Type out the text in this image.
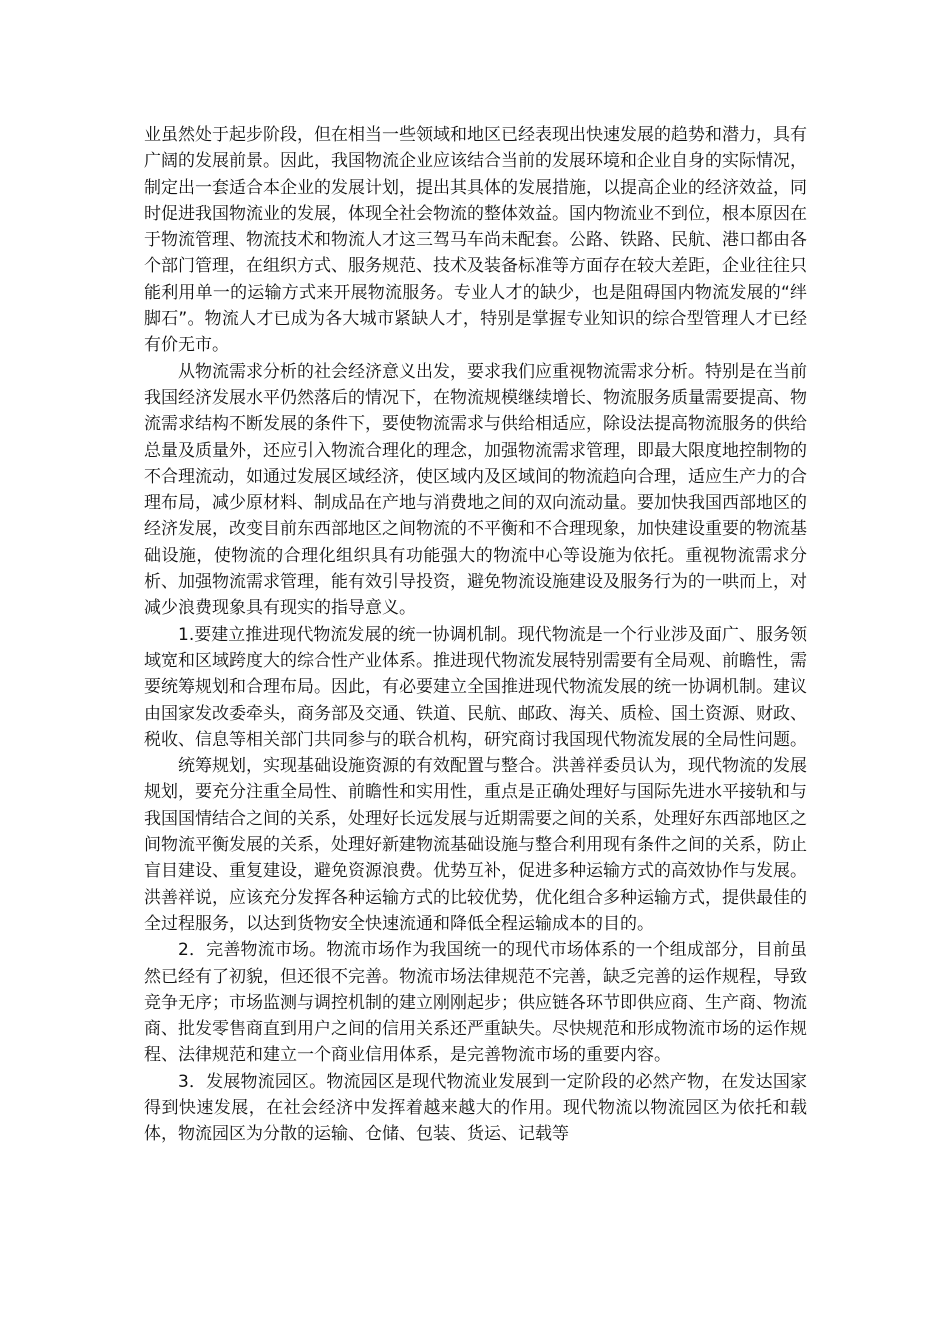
业虽然处于起步阶段，但在相当一些领域和地区已经表现出快速发展的趋势和潜力，具有广阔的发展前景。因此，我国物流企业应该结合当前的发展环境和企业自身的实际情况，制定出一套适合本企业的发展计划，提出其具体的发展措施，以提高企业的经济效益，同时促进我国物流业的发展，体现全社会物流的整体效益。国内物流业不到位，根本原因在于物流管理、物流技术和物流人才这三驾马车尚未配套。公路、铁路、民航、港口都由各个部门管理，在组织方式、服务规范、技术及装备标准等方面存在较大差距，企业往往只能利用单一的运输方式来开展物流服务。专业人才的缺少，也是阻碍国内物流发展的“绊脚石”。物流人才已成为各大城市紧缺人才，特别是掌握专业知识的综合型管理人才已经有价无市。

从物流需求分析的社会经济意义出发，要求我们应重视物流需求分析。特别是在当前我国经济发展水平仍然落后的情况下，在物流规模继续增长、物流服务质量需要提高、物流需求结构不断发展的条件下，要使物流需求与供给相适应，除设法提高物流服务的供给总量及质量外，还应引入物流合理化的理念，加强物流需求管理，即最大限度地控制物的不合理流动，如通过发展区域经济，使区域内及区域间的物流趋向合理，适应生产力的合理布局，减少原材料、制成品在产地与消费地之间的双向流动量。要加快我国西部地区的经济发展，改变目前东西部地区之间物流的不平衡和不合理现象，加快建设重要的物流基础设施，使物流的合理化组织具有功能强大的物流中心等设施为依托。重视物流需求分析、加强物流需求管理，能有效引导投资，避免物流设施建设及服务行为的一哄而上，对减少浪费现象具有现实的指导意义。

1.要建立推进现代物流发展的统一协调机制。现代物流是一个行业涉及面广、服务领域宽和区域跨度大的综合性产业体系。推进现代物流发展特别需要有全局观、前瞻性，需要统筹规划和合理布局。因此，有必要建立全国推进现代物流发展的统一协调机制。建议由国家发改委牵头，商务部及交通、铁道、民航、邮政、海关、质检、国土资源、财政、税收、信息等相关部门共同参与的联合机构，研究商讨我国现代物流发展的全局性问题。

统筹规划，实现基础设施资源的有效配置与整合。洪善祥委员认为，现代物流的发展规划，要充分注重全局性、前瞻性和实用性，重点是正确处理好与国际先进水平接轨和与我国国情结合之间的关系，处理好长远发展与近期需要之间的关系，处理好东西部地区之间物流平衡发展的关系，处理好新建物流基础设施与整合利用现有条件之间的关系，防止盲目建设、重复建设，避免资源浪费。优势互补，促进多种运输方式的高效协作与发展。洪善祥说，应该充分发挥各种运输方式的比较优势，优化组合多种运输方式，提供最佳的全过程服务，以达到货物安全快速流通和降低全程运输成本的目的。

2．完善物流市场。物流市场作为我国统一的现代市场体系的一个组成部分，目前虽然已经有了初貌，但还很不完善。物流市场法律规范不完善，缺乏完善的运作规程，导致竞争无序；市场监测与调控机制的建立刚刚起步；供应链各环节即供应商、生产商、物流商、批发零售商直到用户之间的信用关系还严重缺失。尽快规范和形成物流市场的运作规程、法律规范和建立一个商业信用体系，是完善物流市场的重要内容。

3．发展物流园区。物流园区是现代物流业发展到一定阶段的必然产物，在发达国家得到快速发展，在社会经济中发挥着越来越大的作用。现代物流以物流园区为依托和载体，物流园区为分散的运输、仓储、包装、货运、记载等
